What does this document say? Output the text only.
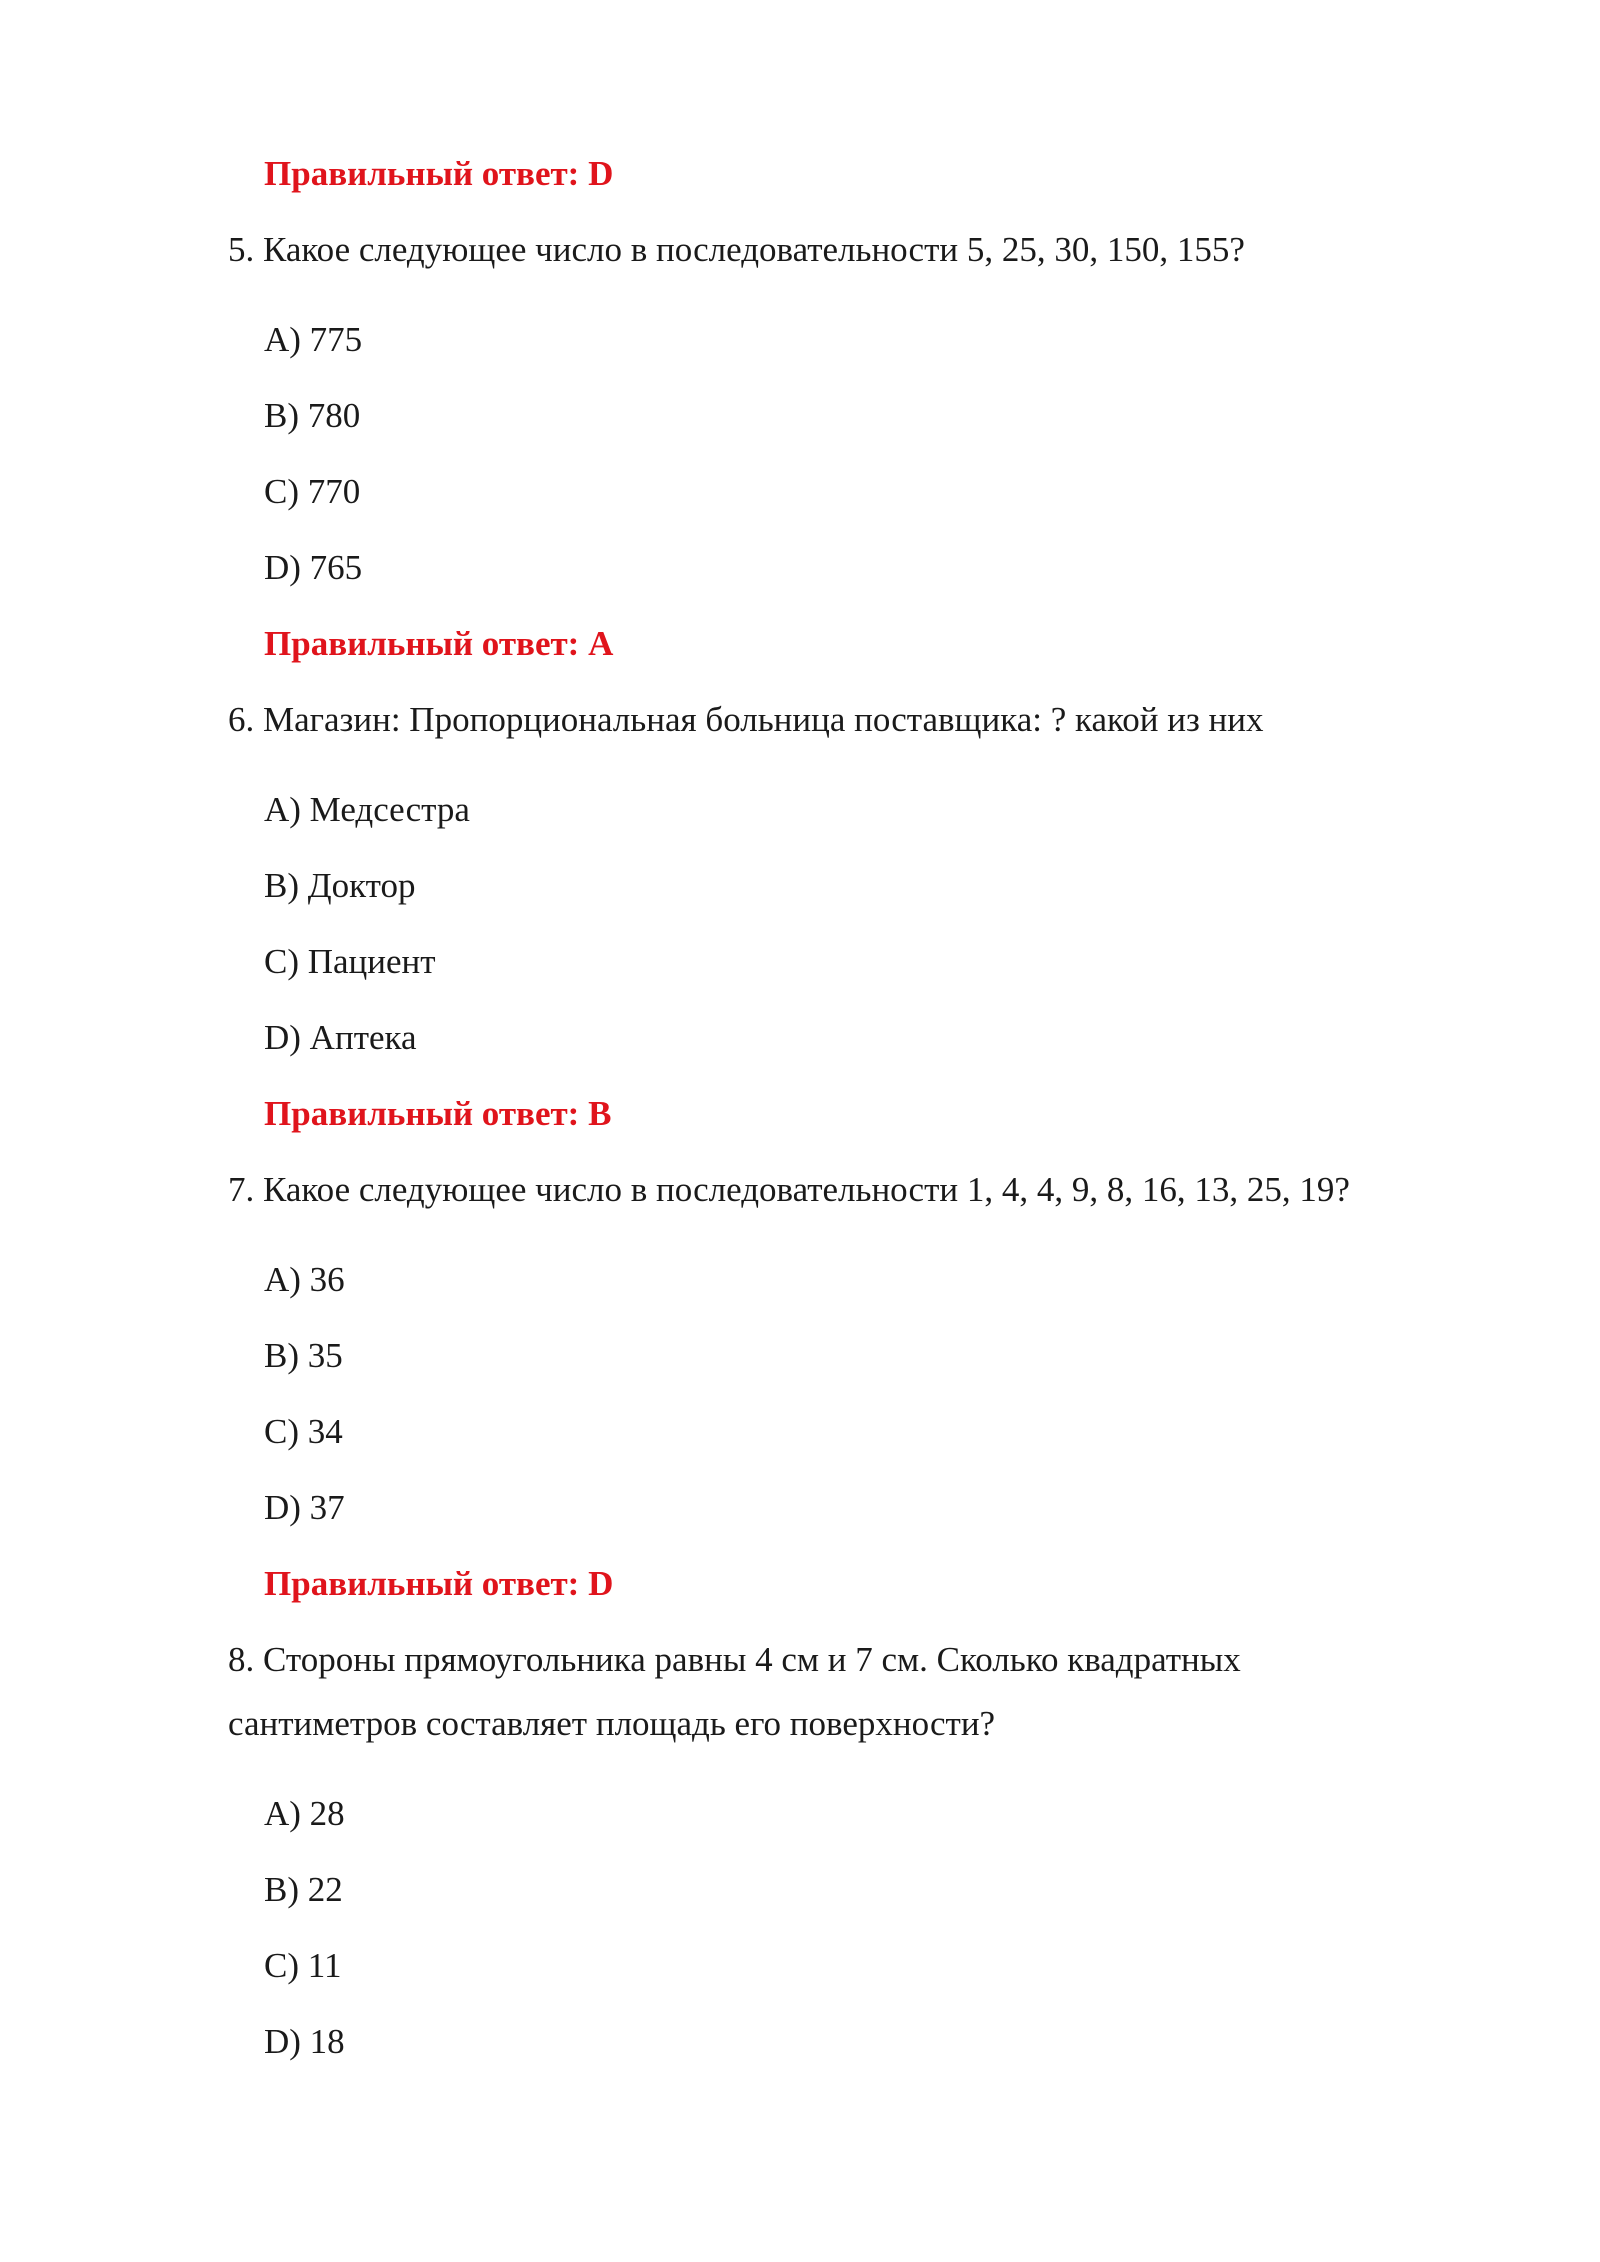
Правильный ответ: D
5. Какое следующее число в последовательности 5, 25, 30, 150, 155?
A) 775
B) 780
C) 770
D) 765
Правильный ответ: A
6. Магазин: Пропорциональная больница поставщика: ? какой из них
A) Медсестра
B) Доктор
C) Пациент
D) Аптека
Правильный ответ: B
7. Какое следующее число в последовательности 1, 4, 4, 9, 8, 16, 13, 25, 19?
A) 36
B) 35
C) 34
D) 37
Правильный ответ: D
8. Стороны прямоугольника равны 4 см и 7 см. Сколько квадратных
сантиметров составляет площадь его поверхности?
A) 28
B) 22
C) 11
D) 18
